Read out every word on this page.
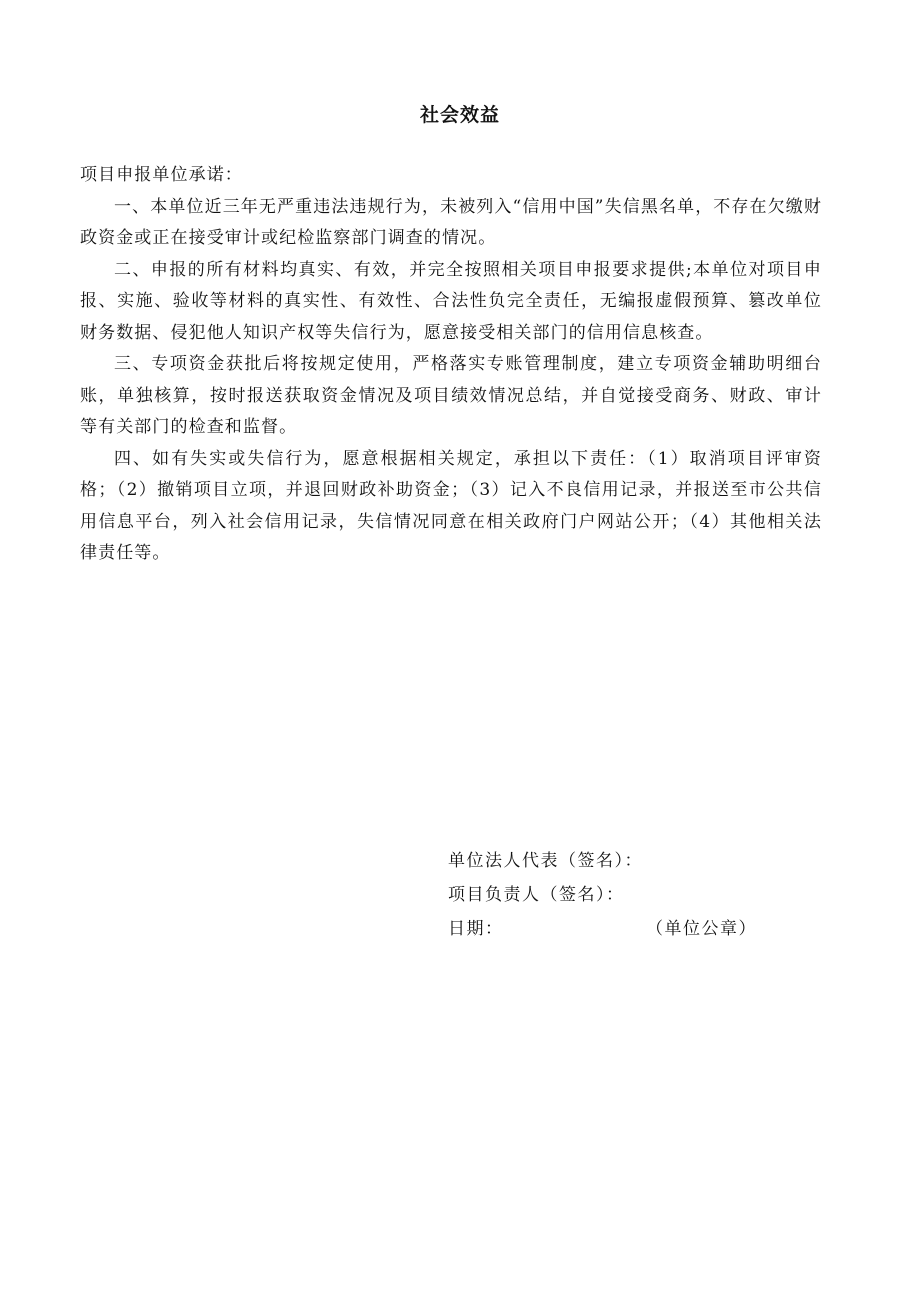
社会效益

项目申报单位承诺：

一、本单位近三年无严重违法违规行为，未被列入“信用中国”失信黑名单，不存在欠缴财政资金或正在接受审计或纪检监察部门调查的情况。

二、申报的所有材料均真实、有效，并完全按照相关项目申报要求提供;本单位对项目申报、实施、验收等材料的真实性、有效性、合法性负完全责任，无编报虚假预算、篡改单位财务数据、侵犯他人知识产权等失信行为，愿意接受相关部门的信用信息核查。

三、专项资金获批后将按规定使用，严格落实专账管理制度，建立专项资金辅助明细台账，单独核算，按时报送获取资金情况及项目绩效情况总结，并自觉接受商务、财政、审计等有关部门的检查和监督。

四、如有失实或失信行为，愿意根据相关规定，承担以下责任：（1）取消项目评审资格；（2）撤销项目立项，并退回财政补助资金；（3）记入不良信用记录，并报送至市公共信用信息平台，列入社会信用记录，失信情况同意在相关政府门户网站公开；（4）其他相关法律责任等。

单位法人代表（签名）：
项目负责人（签名）：
日期：	（单位公章）
